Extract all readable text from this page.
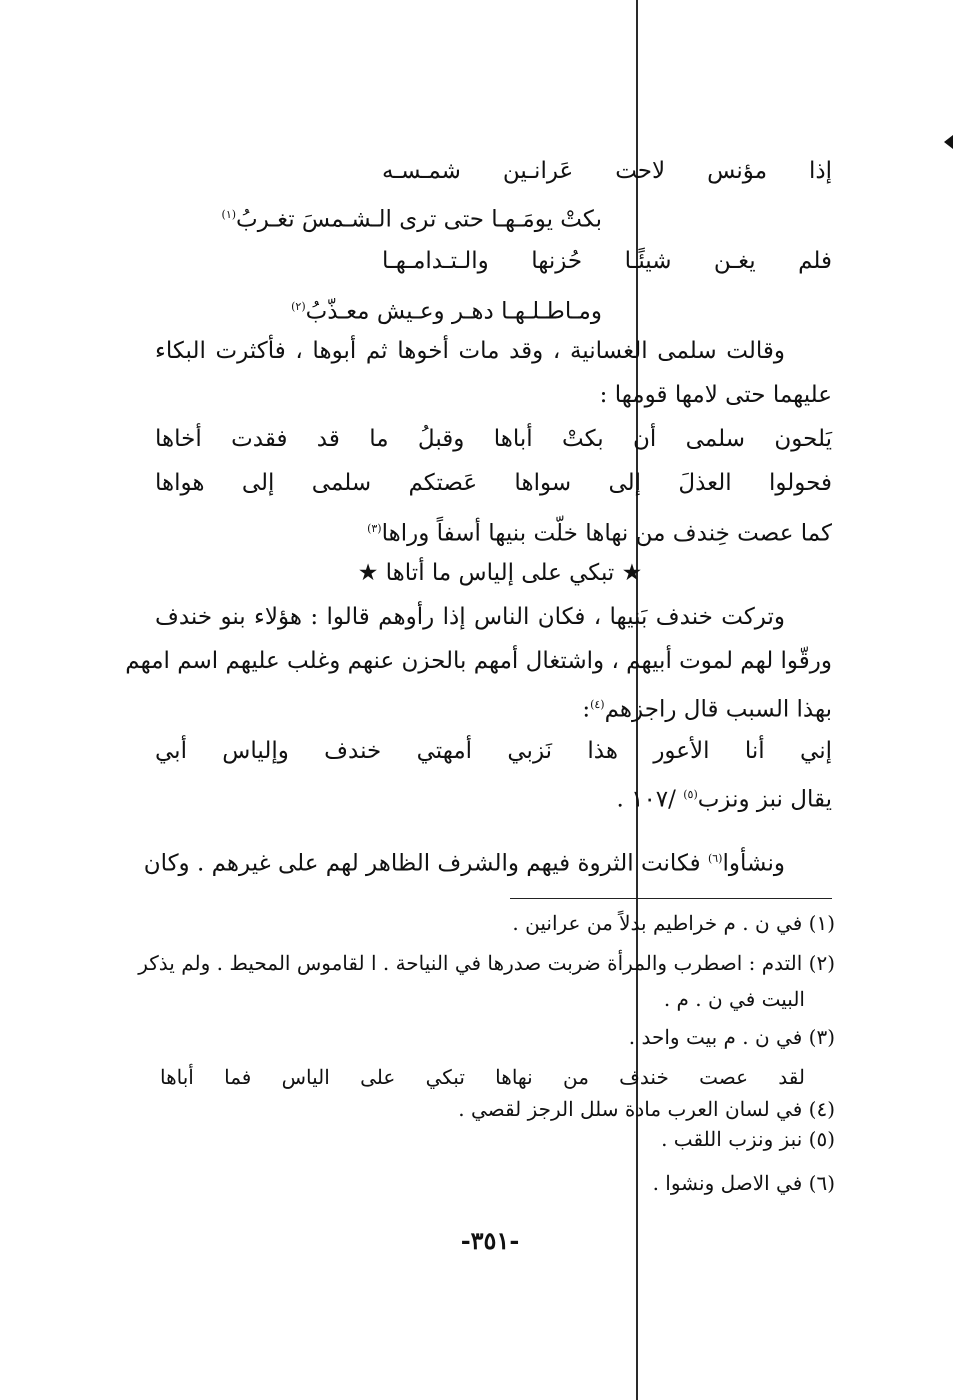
إذا مؤنس لاحت عَرانـين شمـسـه
بكتْ يومَـهـا حتى ترى الـشـمسَ تغـربُ$^{(١)}$
فلم يغـن شيئًـا حُزنها والـتـدامـهـا
ومـاطـلـهـا دهـر وعـيش معـذّبُ$^{(٢)}$
وقالت سلمى الغسانية ، وقد مات أخوها ثم أبوها ، فأكثرت البكاء
عليهما حتى لامها قومها :
يَلحون سلمى أن بكتْ أباها وقبلُ ما قد فقدت أخاها
فحولوا العذلَ إلى سواها عَصتكم سلمى إلى هواها
كما عصت خِندف من نهاها خلّت بنيها أسفاً وراها$^{(٣)}$
★ تبكي على إلياس ما أتاها ★
وتركت خندف بَنيها ، فكان الناس إذا رأوهم قالوا : هؤلاء بنو خندف
ورقّوا لهم لموت أبيهم ، واشتغال أمهم بالحزن عنهم وغلب عليهم اسم امهم
بهذا السبب قال راجزهم$^{(٤)}$:
إني أنا الأعور هذا نَزبي أمهتي خندف وإلياس أبي
يقال نبز ونزب$^{(٥)}$ /١٠٧ .
ونشأوا$^{(٦)}$ فكانت الثروة فيهم والشرف الظاهر لهم على غيرهم . وكان
(١) في ن . م خراطيم بدلاً من عرانين .
(٢) التدم : اصطرب والمرأة ضربت صدرها في النياحة . ا لقاموس المحيط . ولم يذكر
البيت في ن . م .
(٣) في ن . م بيت واحد .
لقد عصت خندف من نهاها تبكي على الياس فما أباها
(٤) في لسان العرب مادة سلل الرجز لقصي .
(٥) نبز ونزب اللقب .
(٦) في الاصل ونشوا .
-٣٥١-
